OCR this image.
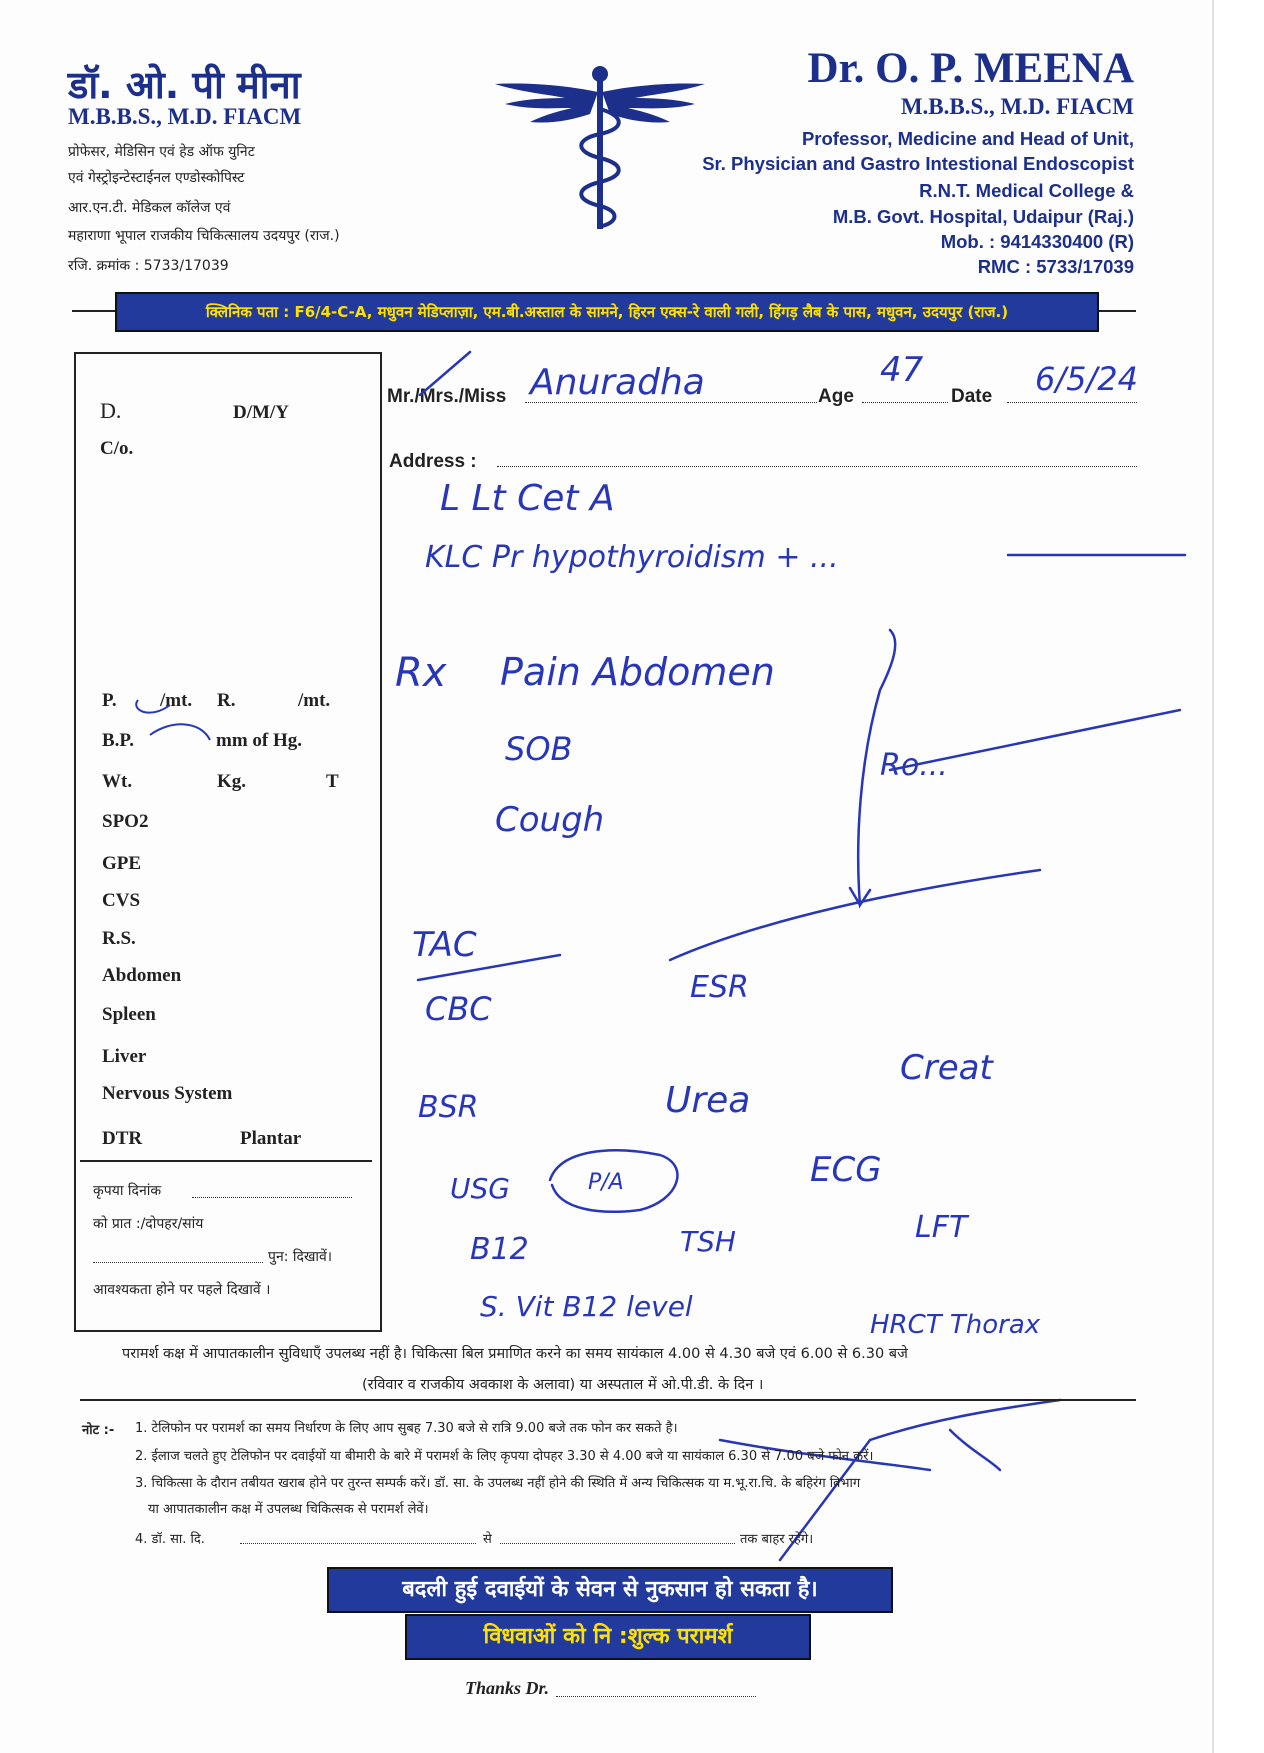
डॉ. ओ. पी मीना
M.B.B.S., M.D. FIACM
प्रोफेसर, मेडिसिन एवं हेड ऑफ युनिट
एवं गेस्ट्रोइन्टेस्टाईनल एण्डोस्कोपिस्ट
आर.एन.टी. मेडिकल कॉलेज एवं
महाराणा भूपाल राजकीय चिकित्सालय उदयपुर (राज.)
रजि. क्रमांक : 5733/17039
Dr. O. P. MEENA
M.B.B.S., M.D. FIACM
Professor, Medicine and Head of Unit,
Sr. Physician and Gastro Intestional Endoscopist
R.N.T. Medical College &
M.B. Govt. Hospital, Udaipur (Raj.)
Mob. : 9414330400 (R)
RMC : 5733/17039
क्लिनिक पता : F6/4-C-A, मधुवन मेडिप्लाज़ा, एम.बी.अस्ताल के सामने, हिरन एक्स-रे वाली गली, हिंगड़ लैब के पास, मधुवन, उदयपुर (राज.)
D.	D/M/Y
C/o.
P. /mt. R.	/mt.
B.P.	mm of Hg.
Wt.	Kg.	T
SPO2
GPE
CVS
R.S.
Abdomen
Spleen
Liver
Nervous System
DTR	Plantar
कृपया दिनांक
को प्रात :/दोपहर/सांय
पुन: दिखावें।
आवश्यकता होने पर पहले दिखावें ।
Mr./Mrs./Miss	Age	Date
Address :
Anuradha	47	6/5/24
L Lt Cet A
KLC Pr hypothyroidism + ...
Pain Abdomen
SOB
Cough
Ro...
TAC
CBC
ESR
BSR	Urea
Creat
ECG
LFT
TSH
B12
S. Vit B12 level
HRCT Thorax
USG	P/A
Rx
परामर्श कक्ष में आपातकालीन सुविधाएँ उपलब्ध नहीं है। चिकित्सा बिल प्रमाणित करने का समय सायंकाल 4.00 से 4.30 बजे एवं 6.00 से 6.30 बजे
(रविवार व राजकीय अवकाश के अलावा) या अस्पताल में ओ.पी.डी. के दिन ।
नोट :- 1. टेलिफोन पर परामर्श का समय निर्धारण के लिए आप सुबह 7.30 बजे से रात्रि 9.00 बजे तक फोन कर सकते है।
2. ईलाज चलते हुए टेलिफोन पर दवाईयों या बीमारी के बारे में परामर्श के लिए कृपया दोपहर 3.30 से 4.00 बजे या सायंकाल 6.30 से 7.00 बजे फोन करें।
3. चिकित्सा के दौरान तबीयत खराब होने पर तुरन्त सम्पर्क करें। डॉ. सा. के उपलब्ध नहीं होने की स्थिति में अन्य चिकित्सक या म.भू.रा.चि. के बहिरंग विभाग
या आपातकालीन कक्ष में उपलब्ध चिकित्सक से परामर्श लेवें।
4. डॉ. सा. दि.	से	तक बाहर रहेंगे।
बदली हुई दवाईयों के सेवन से नुकसान हो सकता है।
विधवाओं को नि :शुल्क परामर्श
Thanks Dr.
